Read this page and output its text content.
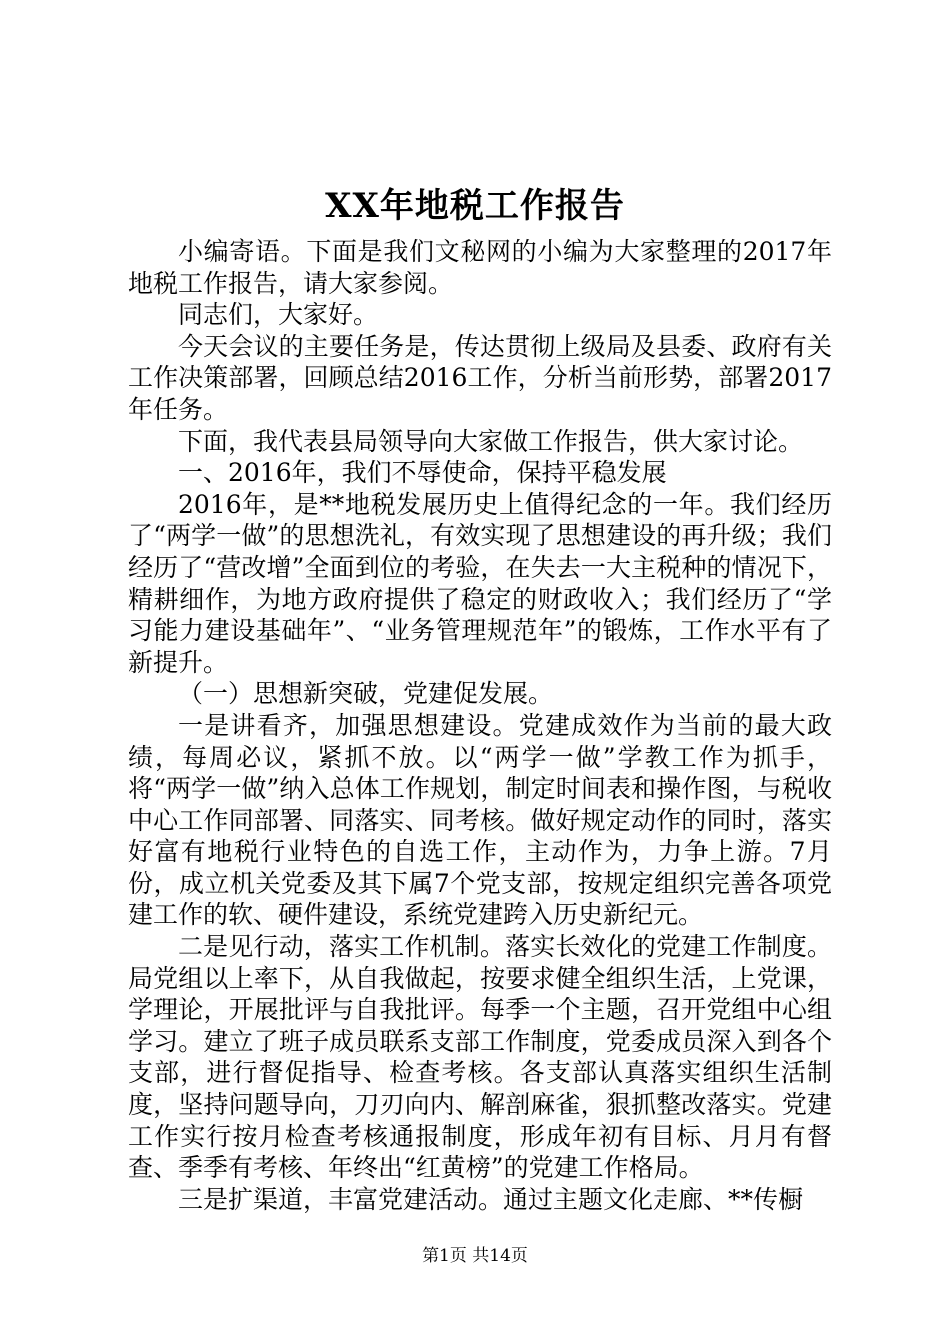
XX年地税工作报告

小编寄语。下面是我们文秘网的小编为大家整理的2017年地税工作报告，请大家参阅。

同志们，大家好。

今天会议的主要任务是，传达贯彻上级局及县委、政府有关工作决策部署，回顾总结2016工作，分析当前形势，部署2017年任务。

下面，我代表县局领导向大家做工作报告，供大家讨论。

一、2016年，我们不辱使命，保持平稳发展

2016年，是**地税发展历史上值得纪念的一年。我们经历了“两学一做”的思想洗礼，有效实现了思想建设的再升级；我们经历了“营改增”全面到位的考验，在失去一大主税种的情况下，精耕细作，为地方政府提供了稳定的财政收入；我们经历了“学习能力建设基础年”、“业务管理规范年”的锻炼，工作水平有了新提升。

（一）思想新突破，党建促发展。

一是讲看齐，加强思想建设。党建成效作为当前的最大政绩，每周必议，紧抓不放。以“两学一做”学教工作为抓手，将“两学一做”纳入总体工作规划，制定时间表和操作图，与税收中心工作同部署、同落实、同考核。做好规定动作的同时，落实好富有地税行业特色的自选工作，主动作为，力争上游。7月份，成立机关党委及其下属7个党支部，按规定组织完善各项党建工作的软、硬件建设，系统党建跨入历史新纪元。

二是见行动，落实工作机制。落实长效化的党建工作制度。局党组以上率下，从自我做起，按要求健全组织生活，上党课，学理论，开展批评与自我批评。每季一个主题，召开党组中心组学习。建立了班子成员联系支部工作制度，党委成员深入到各个支部，进行督促指导、检查考核。各支部认真落实组织生活制度，坚持问题导向，刀刃向内、解剖麻雀，狠抓整改落实。党建工作实行按月检查考核通报制度，形成年初有目标、月月有督查、季季有考核、年终出“红黄榜”的党建工作格局。

三是扩渠道，丰富党建活动。通过主题文化走廊、**传橱

第1页 共14页
